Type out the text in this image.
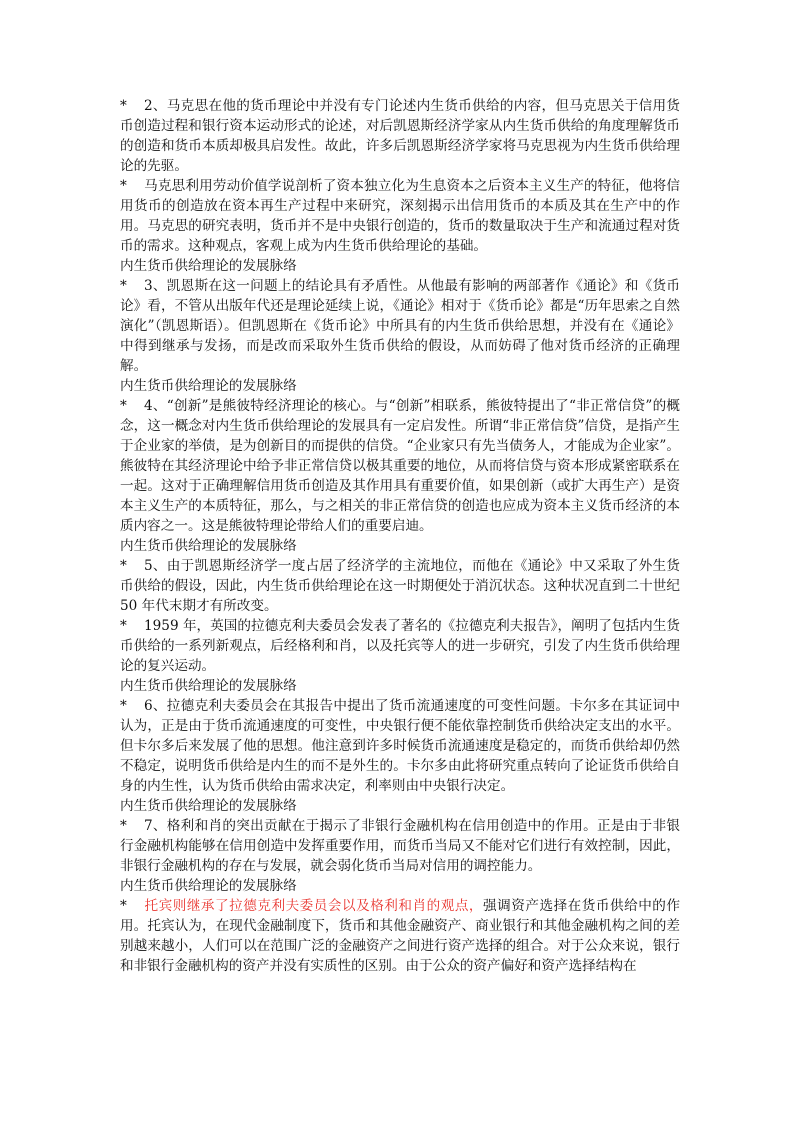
* 2、马克思在他的货币理论中并没有专门论述内生货币供给的内容，但马克思关于信用货币创造过程和银行资本运动形式的论述，对后凯恩斯经济学家从内生货币供给的角度理解货币的创造和货币本质却极具启发性。故此，许多后凯恩斯经济学家将马克思视为内生货币供给理论的先驱。

* 马克思利用劳动价值学说剖析了资本独立化为生息资本之后资本主义生产的特征，他将信用货币的创造放在资本再生产过程中来研究，深刻揭示出信用货币的本质及其在生产中的作用。马克思的研究表明，货币并不是中央银行创造的，货币的数量取决于生产和流通过程对货币的需求。这种观点，客观上成为内生货币供给理论的基础。

内生货币供给理论的发展脉络

* 3、凯恩斯在这一问题上的结论具有矛盾性。从他最有影响的两部著作《通论》和《货币论》看，不管从出版年代还是理论延续上说，《通论》相对于《货币论》都是“历年思索之自然演化”（凯恩斯语）。但凯恩斯在《货币论》中所具有的内生货币供给思想，并没有在《通论》中得到继承与发扬，而是改而采取外生货币供给的假设，从而妨碍了他对货币经济的正确理解。

内生货币供给理论的发展脉络

* 4、“创新”是熊彼特经济理论的核心。与“创新”相联系，熊彼特提出了“非正常信贷”的概念，这一概念对内生货币供给理论的发展具有一定启发性。所谓“非正常信贷”信贷，是指产生于企业家的举债，是为创新目的而提供的信贷。“企业家只有先当债务人，才能成为企业家”。熊彼特在其经济理论中给予非正常信贷以极其重要的地位，从而将信贷与资本形成紧密联系在一起。这对于正确理解信用货币创造及其作用具有重要价值，如果创新（或扩大再生产）是资本主义生产的本质特征，那么，与之相关的非正常信贷的创造也应成为资本主义货币经济的本质内容之一。这是熊彼特理论带给人们的重要启迪。

内生货币供给理论的发展脉络

* 5、由于凯恩斯经济学一度占居了经济学的主流地位，而他在《通论》中又采取了外生货币供给的假设，因此，内生货币供给理论在这一时期便处于消沉状态。这种状况直到二十世纪 50 年代末期才有所改变。

* 1959 年，英国的拉德克利夫委员会发表了著名的《拉德克利夫报告》，阐明了包括内生货币供给的一系列新观点，后经格利和肖，以及托宾等人的进一步研究，引发了内生货币供给理论的复兴运动。

内生货币供给理论的发展脉络

* 6、拉德克利夫委员会在其报告中提出了货币流通速度的可变性问题。卡尔多在其证词中认为，正是由于货币流通速度的可变性，中央银行便不能依靠控制货币供给决定支出的水平。但卡尔多后来发展了他的思想。他注意到许多时候货币流通速度是稳定的，而货币供给却仍然不稳定，说明货币供给是内生的而不是外生的。卡尔多由此将研究重点转向了论证货币供给自身的内生性，认为货币供给由需求决定，利率则由中央银行决定。

内生货币供给理论的发展脉络

* 7、格利和肖的突出贡献在于揭示了非银行金融机构在信用创造中的作用。正是由于非银行金融机构能够在信用创造中发挥重要作用，而货币当局又不能对它们进行有效控制，因此，非银行金融机构的存在与发展，就会弱化货币当局对信用的调控能力。

内生货币供给理论的发展脉络

* 托宾则继承了拉德克利夫委员会以及格利和肖的观点，强调资产选择在货币供给中的作用。托宾认为，在现代金融制度下，货币和其他金融资产、商业银行和其他金融机构之间的差别越来越小，人们可以在范围广泛的金融资产之间进行资产选择的组合。对于公众来说，银行和非银行金融机构的资产并没有实质性的区别。由于公众的资产偏好和资产选择结构在
